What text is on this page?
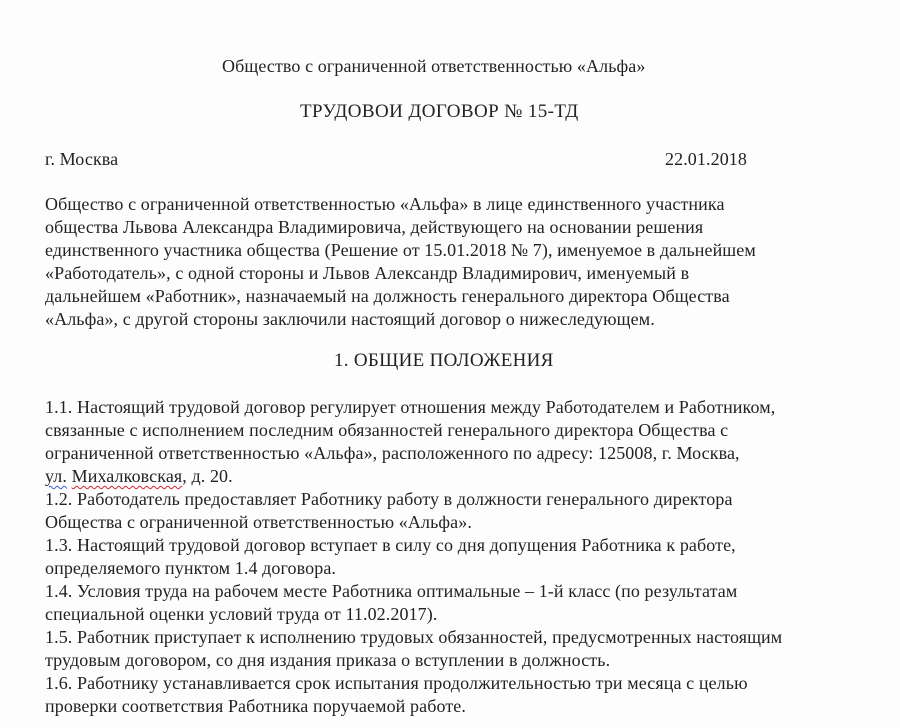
Общество с ограниченной ответственностью «Альфа»
ТРУДОВОИ ДОГОВОР № 15-ТД
г. Москва	22.01.2018
Общество с ограниченной ответственностью «Альфа» в лице единственного участника
общества Львова Александра Владимировича, действующего на основании решения
единственного участника общества (Решение от 15.01.2018 № 7), именуемое в дальнейшем
«Работодатель», с одной стороны и Львов Александр Владимирович, именуемый в
дальнейшем «Работник», назначаемый на должность генерального директора Общества
«Альфа», с другой стороны заключили настоящий договор о нижеследующем.
1. ОБЩИЕ ПОЛОЖЕНИЯ
1.1. Настоящий трудовой договор регулирует отношения между Работодателем и Работником,
связанные с исполнением последним обязанностей генерального директора Общества с
ограниченной ответственностью «Альфа», расположенного по адресу: 125008, г. Москва,
ул. Михалковская, д. 20.
1.2. Работодатель предоставляет Работнику работу в должности генерального директора
Общества с ограниченной ответственностью «Альфа».
1.3. Настоящий трудовой договор вступает в силу со дня допущения Работника к работе,
определяемого пунктом 1.4 договора.
1.4. Условия труда на рабочем месте Работника оптимальные – 1-й класс (по результатам
специальной оценки условий труда от 11.02.2017).
1.5. Работник приступает к исполнению трудовых обязанностей, предусмотренных настоящим
трудовым договором, со дня издания приказа о вступлении в должность.
1.6. Работнику устанавливается срок испытания продолжительностью три месяца с целью
проверки соответствия Работника поручаемой работе.
